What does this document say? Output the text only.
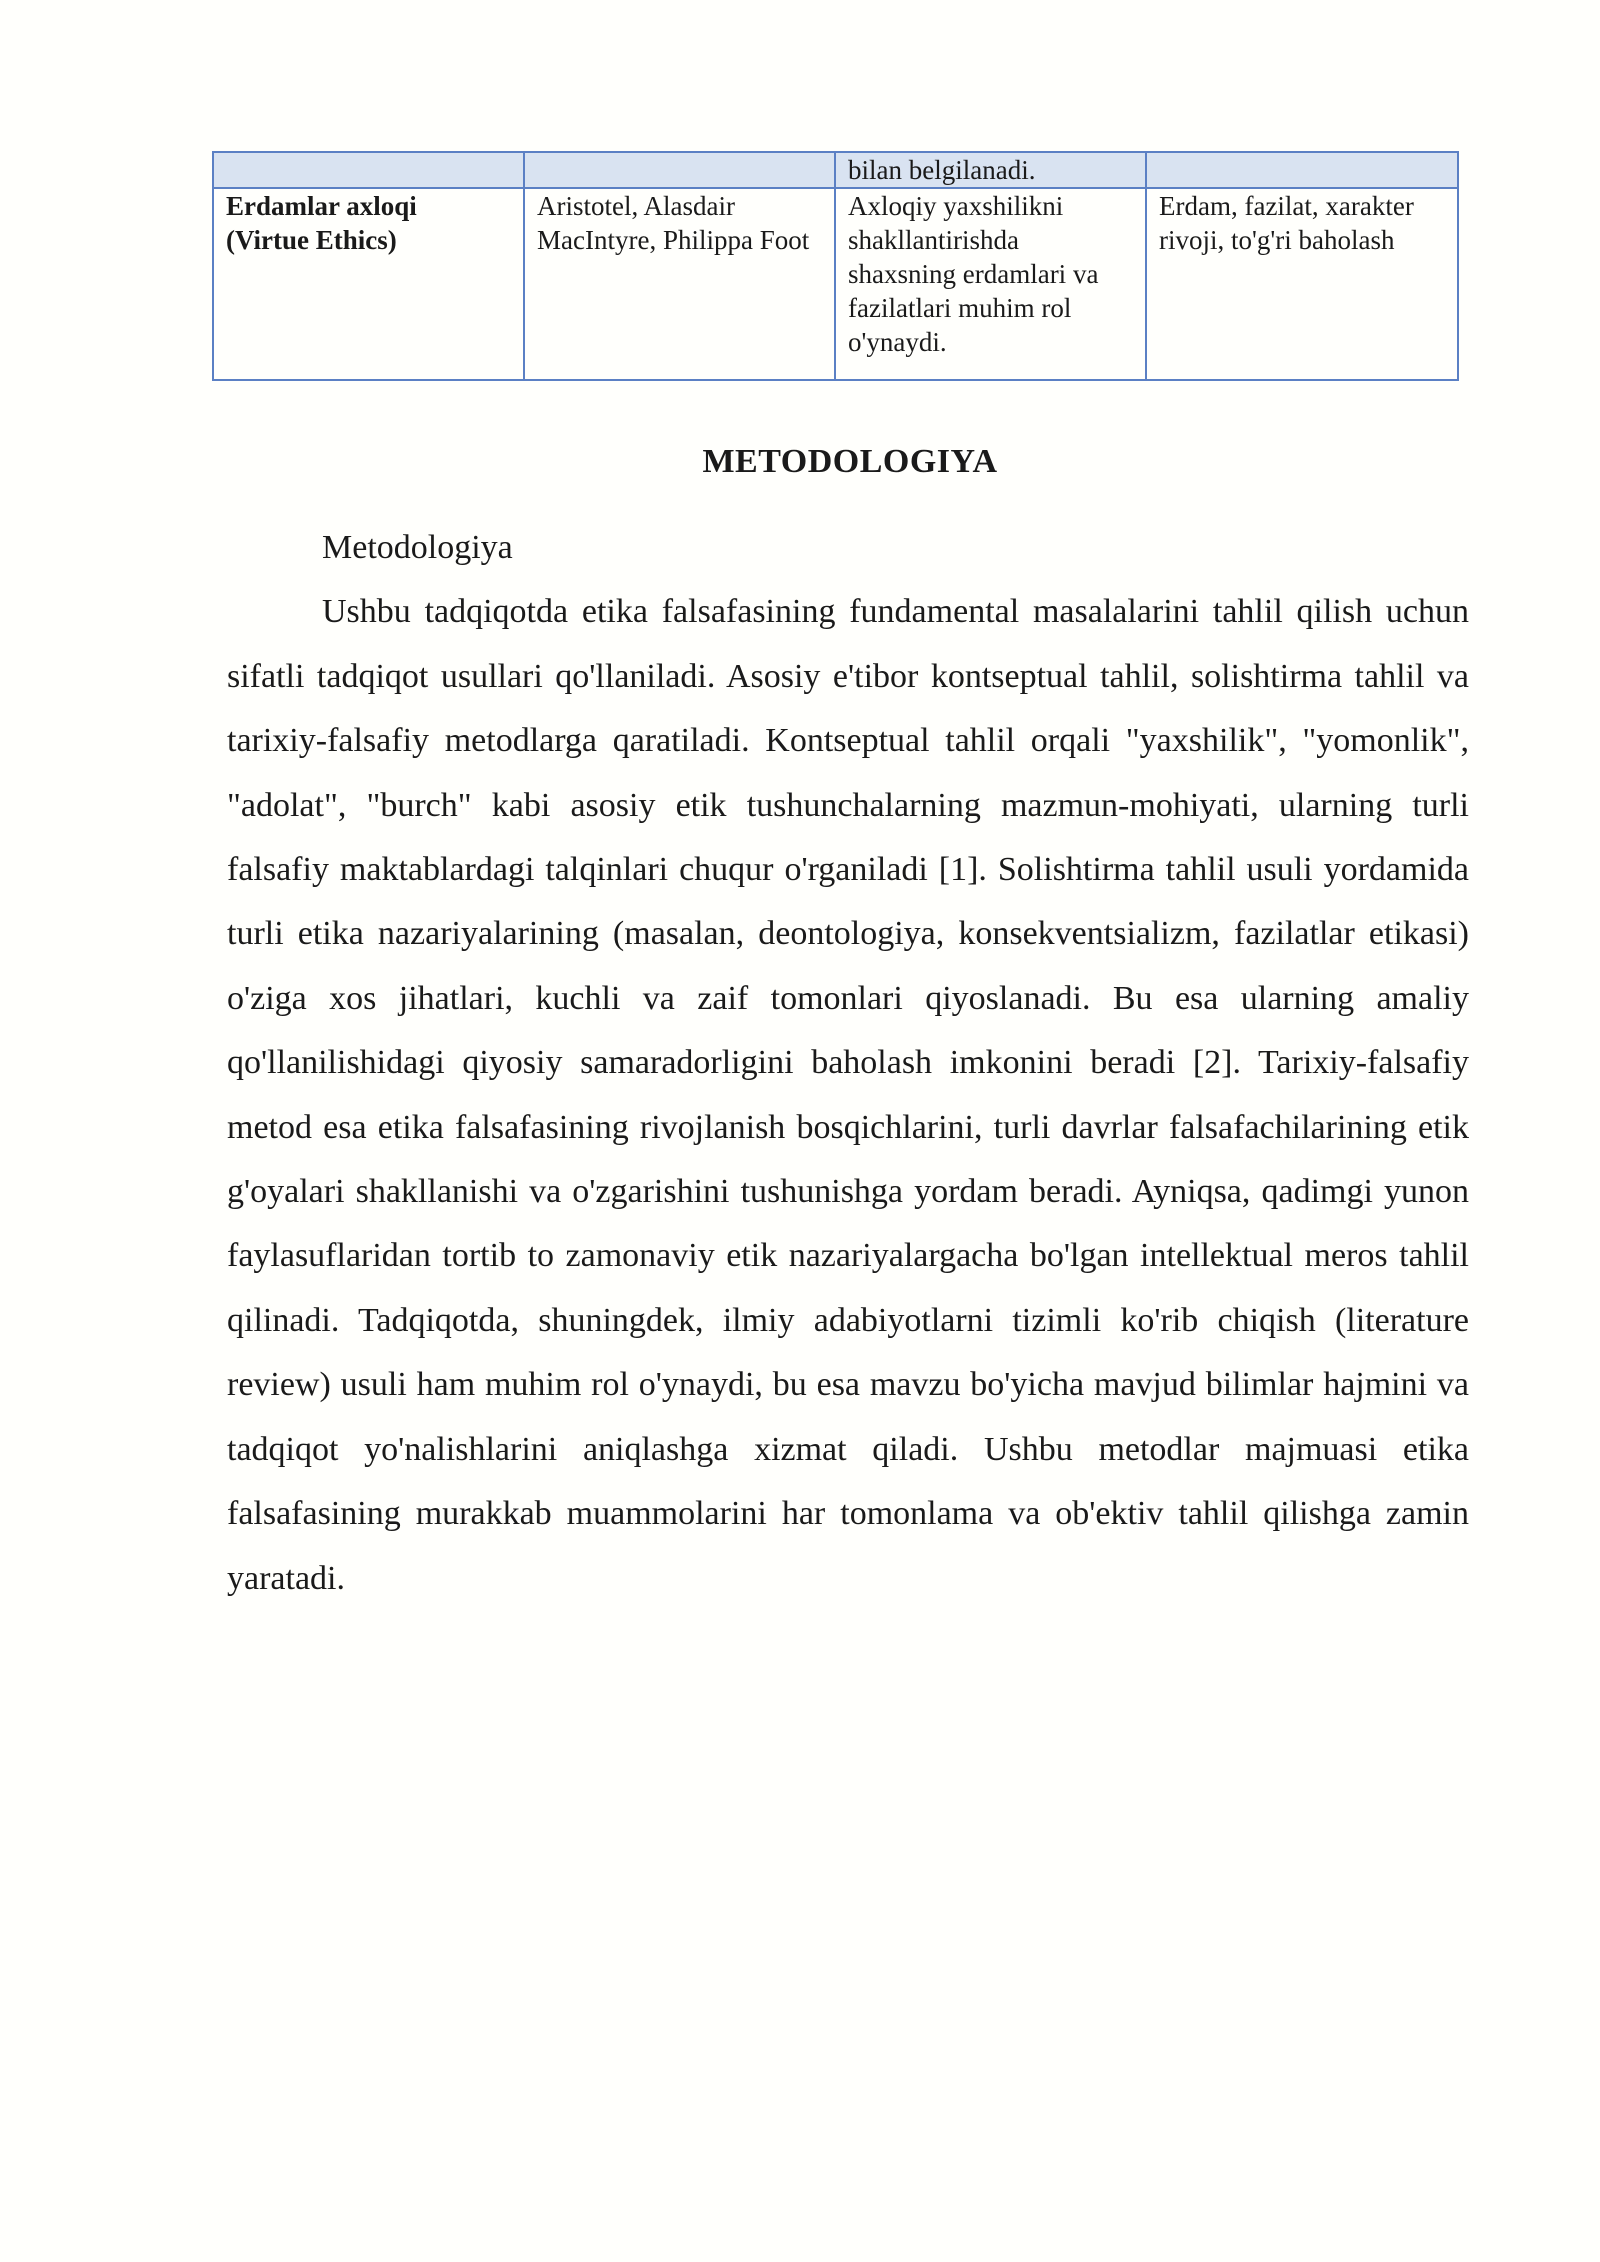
		bilan belgilanadi.	

Erdamlar axloqi
(Virtue Ethics)	Aristotel, Alasdair MacIntyre, Philippa Foot	Axloqiy yaxshilikni shakllantirishda shaxsning erdamlari va fazilatlari muhim rol o'ynaydi.	Erdam, fazilat, xarakter rivoji, to'g'ri baholash
METODOLOGIYA

Metodologiya

Ushbu tadqiqotda etika falsafasining fundamental masalalarini tahlil qilish uchun sifatli tadqiqot usullari qo'llaniladi. Asosiy e'tibor kontseptual tahlil, solishtirma tahlil va tarixiy-falsafiy metodlarga qaratiladi. Kontseptual tahlil orqali "yaxshilik", "yomonlik", "adolat", "burch" kabi asosiy etik tushunchalarning mazmun-mohiyati, ularning turli falsafiy maktablardagi talqinlari chuqur o'rganiladi [1]. Solishtirma tahlil usuli yordamida turli etika nazariyalarining (masalan, deontologiya, konsekventsializm, fazilatlar etikasi) o'ziga xos jihatlari, kuchli va zaif tomonlari qiyoslanadi. Bu esa ularning amaliy qo'llanilishidagi qiyosiy samaradorligini baholash imkonini beradi [2]. Tarixiy-falsafiy metod esa etika falsafasining rivojlanish bosqichlarini, turli davrlar falsafachilarining etik g'oyalari shakllanishi va o'zgarishini tushunishga yordam beradi. Ayniqsa, qadimgi yunon faylasuflaridan tortib to zamonaviy etik nazariyalargacha bo'lgan intellektual meros tahlil qilinadi. Tadqiqotda, shuningdek, ilmiy adabiyotlarni tizimli ko'rib chiqish (literature review) usuli ham muhim rol o'ynaydi, bu esa mavzu bo'yicha mavjud bilimlar hajmini va tadqiqot yo'nalishlarini aniqlashga xizmat qiladi. Ushbu metodlar majmuasi etika falsafasining murakkab muammolarini har tomonlama va ob'ektiv tahlil qilishga zamin yaratadi.
